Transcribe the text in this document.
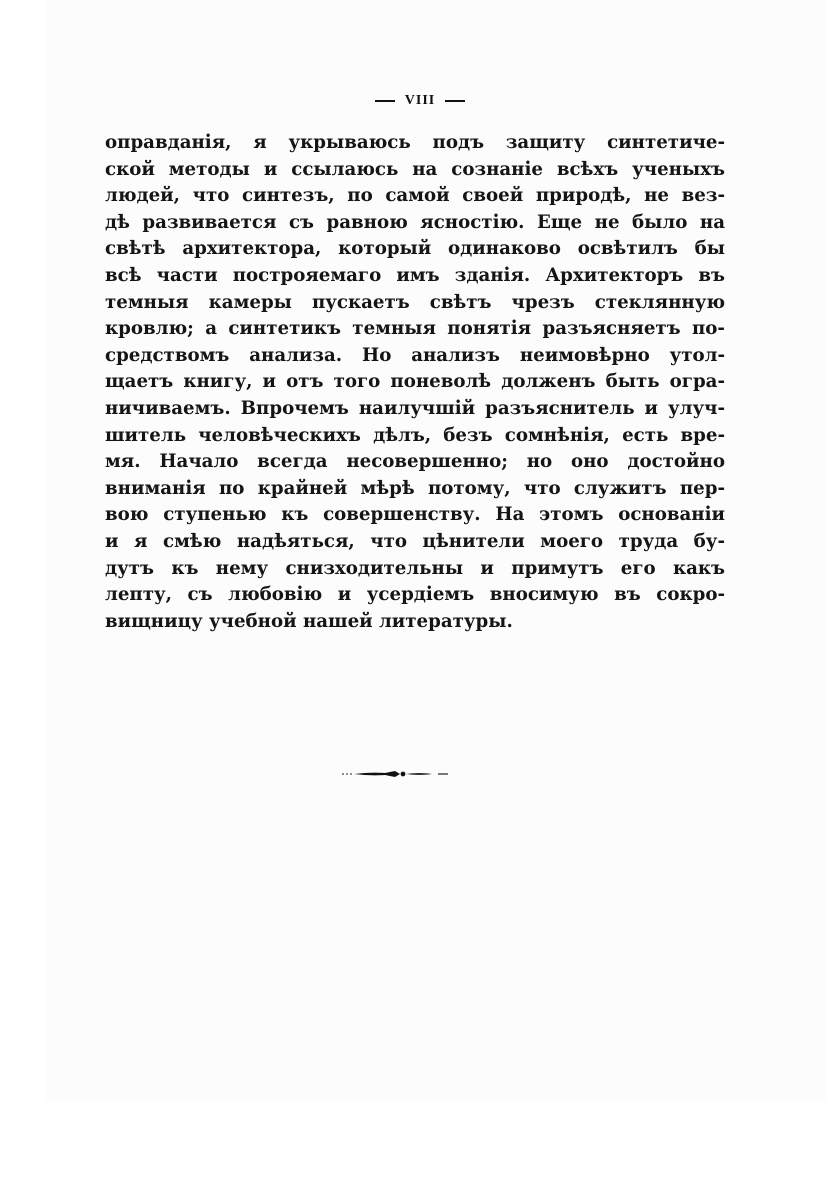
VIII
оправданія, я укрываюсь подъ защиту синтетиче-
ской методы и ссылаюсь на сознаніе всѣхъ ученыхъ
людей, что синтезъ, по самой своей природѣ, не вез-
дѣ развивается съ равною ясностію. Еще не было на
свѣтѣ архитектора, который одинаково освѣтилъ бы
всѣ части построяемаго имъ зданія. Архитекторъ въ
темныя камеры пускаетъ свѣтъ чрезъ стеклянную
кровлю; а синтетикъ темныя понятія разъясняетъ по-
средствомъ анализа. Но анализъ неимовѣрно утол-
щаетъ книгу, и отъ того поневолѣ долженъ быть огра-
ничиваемъ. Впрочемъ наилучшій разъяснитель и улуч-
шитель человѣческихъ дѣлъ, безъ сомнѣнія, есть вре-
мя. Начало всегда несовершенно; но оно достойно
вниманія по крайней мѣрѣ потому, что служитъ пер-
вою ступенью къ совершенству. На этомъ основаніи
и я смѣю надѣяться, что цѣнители моего труда бу-
дутъ къ нему снизходительны и примутъ его какъ
лепту, съ любовію и усердіемъ вносимую въ сокро-
вищницу учебной нашей литературы.
